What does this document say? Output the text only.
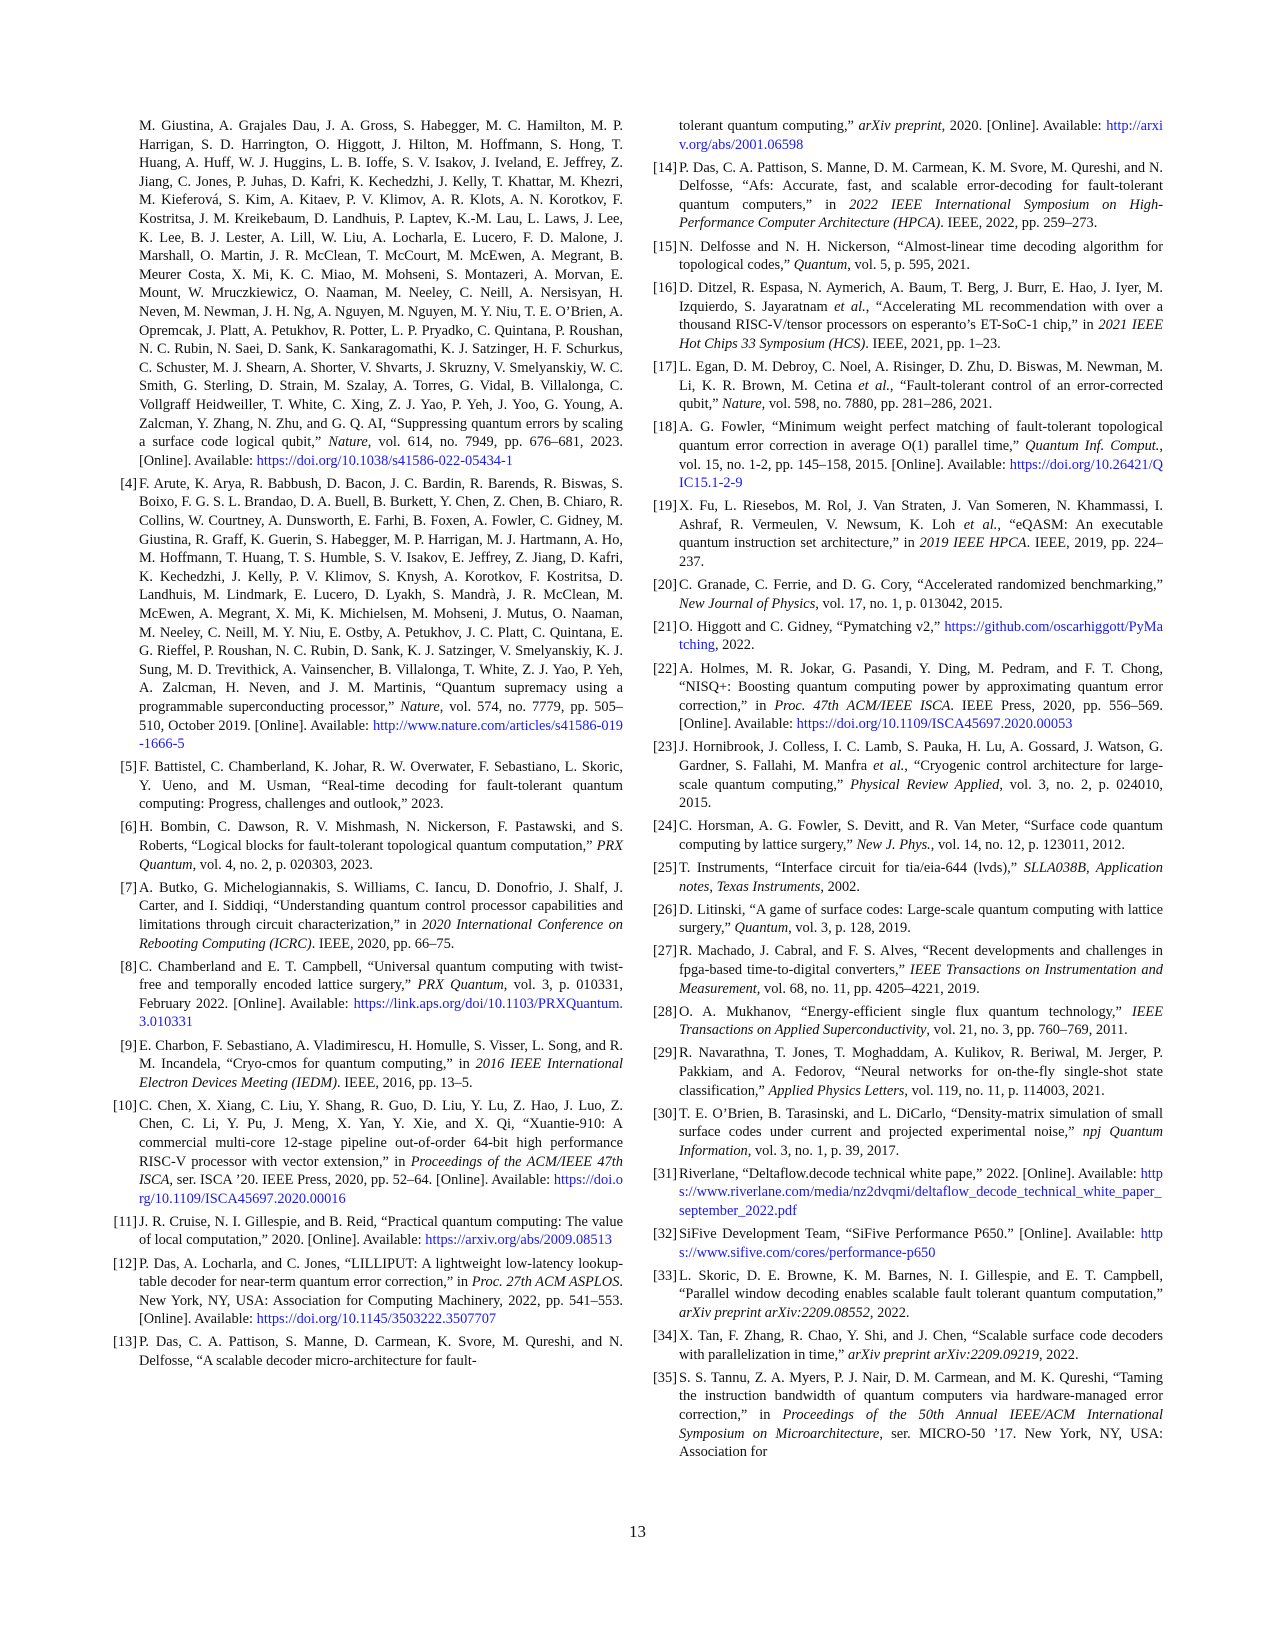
M. Giustina, A. Grajales Dau, J. A. Gross, S. Habegger, M. C. Hamilton, M. P. Harrigan, S. D. Harrington, O. Higgott, J. Hilton, M. Hoffmann, S. Hong, T. Huang, A. Huff, W. J. Huggins, L. B. Ioffe, S. V. Isakov, J. Iveland, E. Jeffrey, Z. Jiang, C. Jones, P. Juhas, D. Kafri, K. Kechedzhi, J. Kelly, T. Khattar, M. Khezri, M. Kieferová, S. Kim, A. Kitaev, P. V. Klimov, A. R. Klots, A. N. Korotkov, F. Kostritsa, J. M. Kreikebaum, D. Landhuis, P. Laptev, K.-M. Lau, L. Laws, J. Lee, K. Lee, B. J. Lester, A. Lill, W. Liu, A. Locharla, E. Lucero, F. D. Malone, J. Marshall, O. Martin, J. R. McClean, T. McCourt, M. McEwen, A. Megrant, B. Meurer Costa, X. Mi, K. C. Miao, M. Mohseni, S. Montazeri, A. Morvan, E. Mount, W. Mruczkiewicz, O. Naaman, M. Neeley, C. Neill, A. Nersisyan, H. Neven, M. Newman, J. H. Ng, A. Nguyen, M. Nguyen, M. Y. Niu, T. E. O’Brien, A. Opremcak, J. Platt, A. Petukhov, R. Potter, L. P. Pryadko, C. Quintana, P. Roushan, N. C. Rubin, N. Saei, D. Sank, K. Sankaragomathi, K. J. Satzinger, H. F. Schurkus, C. Schuster, M. J. Shearn, A. Shorter, V. Shvarts, J. Skruzny, V. Smelyanskiy, W. C. Smith, G. Sterling, D. Strain, M. Szalay, A. Torres, G. Vidal, B. Villalonga, C. Vollgraff Heidweiller, T. White, C. Xing, Z. J. Yao, P. Yeh, J. Yoo, G. Young, A. Zalcman, Y. Zhang, N. Zhu, and G. Q. AI, “Suppressing quantum errors by scaling a surface code logical qubit,” Nature, vol. 614, no. 7949, pp. 676–681, 2023. [Online]. Available: https://doi.org/10.1038/s41586-022-05434-1
[4] F. Arute, K. Arya, R. Babbush, D. Bacon, J. C. Bardin, R. Barends, R. Biswas, S. Boixo, F. G. S. L. Brandao, D. A. Buell, B. Burkett, Y. Chen, Z. Chen, B. Chiaro, R. Collins, W. Courtney, A. Dunsworth, E. Farhi, B. Foxen, A. Fowler, C. Gidney, M. Giustina, R. Graff, K. Guerin, S. Habegger, M. P. Harrigan, M. J. Hartmann, A. Ho, M. Hoffmann, T. Huang, T. S. Humble, S. V. Isakov, E. Jeffrey, Z. Jiang, D. Kafri, K. Kechedzhi, J. Kelly, P. V. Klimov, S. Knysh, A. Korotkov, F. Kostritsa, D. Landhuis, M. Lindmark, E. Lucero, D. Lyakh, S. Mandrà, J. R. McClean, M. McEwen, A. Megrant, X. Mi, K. Michielsen, M. Mohseni, J. Mutus, O. Naaman, M. Neeley, C. Neill, M. Y. Niu, E. Ostby, A. Petukhov, J. C. Platt, C. Quintana, E. G. Rieffel, P. Roushan, N. C. Rubin, D. Sank, K. J. Satzinger, V. Smelyanskiy, K. J. Sung, M. D. Trevithick, A. Vainsencher, B. Villalonga, T. White, Z. J. Yao, P. Yeh, A. Zalcman, H. Neven, and J. M. Martinis, “Quantum supremacy using a programmable superconducting processor,” Nature, vol. 574, no. 7779, pp. 505–510, October 2019. [Online]. Available: http://www.nature.com/articles/s41586-019-1666-5
[5] F. Battistel, C. Chamberland, K. Johar, R. W. Overwater, F. Sebastiano, L. Skoric, Y. Ueno, and M. Usman, “Real-time decoding for fault-tolerant quantum computing: Progress, challenges and outlook,” 2023.
[6] H. Bombin, C. Dawson, R. V. Mishmash, N. Nickerson, F. Pastawski, and S. Roberts, “Logical blocks for fault-tolerant topological quantum computation,” PRX Quantum, vol. 4, no. 2, p. 020303, 2023.
[7] A. Butko, G. Michelogiannakis, S. Williams, C. Iancu, D. Donofrio, J. Shalf, J. Carter, and I. Siddiqi, “Understanding quantum control processor capabilities and limitations through circuit characterization,” in 2020 International Conference on Rebooting Computing (ICRC). IEEE, 2020, pp. 66–75.
[8] C. Chamberland and E. T. Campbell, “Universal quantum computing with twist-free and temporally encoded lattice surgery,” PRX Quantum, vol. 3, p. 010331, February 2022. [Online]. Available: https://link.aps.org/doi/10.1103/PRXQuantum.3.010331
[9] E. Charbon, F. Sebastiano, A. Vladimirescu, H. Homulle, S. Visser, L. Song, and R. M. Incandela, “Cryo-cmos for quantum computing,” in 2016 IEEE International Electron Devices Meeting (IEDM). IEEE, 2016, pp. 13–5.
[10] C. Chen, X. Xiang, C. Liu, Y. Shang, R. Guo, D. Liu, Y. Lu, Z. Hao, J. Luo, Z. Chen, C. Li, Y. Pu, J. Meng, X. Yan, Y. Xie, and X. Qi, “Xuantie-910: A commercial multi-core 12-stage pipeline out-of-order 64-bit high performance RISC-V processor with vector extension,” in Proceedings of the ACM/IEEE 47th ISCA, ser. ISCA ’20. IEEE Press, 2020, pp. 52–64. [Online]. Available: https://doi.org/10.1109/ISCA45697.2020.00016
[11] J. R. Cruise, N. I. Gillespie, and B. Reid, “Practical quantum computing: The value of local computation,” 2020. [Online]. Available: https://arxiv.org/abs/2009.08513
[12] P. Das, A. Locharla, and C. Jones, “LILLIPUT: A lightweight low-latency lookup-table decoder for near-term quantum error correction,” in Proc. 27th ACM ASPLOS. New York, NY, USA: Association for Computing Machinery, 2022, pp. 541–553. [Online]. Available: https://doi.org/10.1145/3503222.3507707
[13] P. Das, C. A. Pattison, S. Manne, D. Carmean, K. Svore, M. Qureshi, and N. Delfosse, “A scalable decoder micro-architecture for fault-
tolerant quantum computing,” arXiv preprint, 2020. [Online]. Available: http://arxiv.org/abs/2001.06598
[14] P. Das, C. A. Pattison, S. Manne, D. M. Carmean, K. M. Svore, M. Qureshi, and N. Delfosse, “Afs: Accurate, fast, and scalable error-decoding for fault-tolerant quantum computers,” in 2022 IEEE International Symposium on High-Performance Computer Architecture (HPCA). IEEE, 2022, pp. 259–273.
[15] N. Delfosse and N. H. Nickerson, “Almost-linear time decoding algorithm for topological codes,” Quantum, vol. 5, p. 595, 2021.
[16] D. Ditzel, R. Espasa, N. Aymerich, A. Baum, T. Berg, J. Burr, E. Hao, J. Iyer, M. Izquierdo, S. Jayaratnam et al., “Accelerating ML recommendation with over a thousand RISC-V/tensor processors on esperanto’s ET-SoC-1 chip,” in 2021 IEEE Hot Chips 33 Symposium (HCS). IEEE, 2021, pp. 1–23.
[17] L. Egan, D. M. Debroy, C. Noel, A. Risinger, D. Zhu, D. Biswas, M. Newman, M. Li, K. R. Brown, M. Cetina et al., “Fault-tolerant control of an error-corrected qubit,” Nature, vol. 598, no. 7880, pp. 281–286, 2021.
[18] A. G. Fowler, “Minimum weight perfect matching of fault-tolerant topological quantum error correction in average O(1) parallel time,” Quantum Inf. Comput., vol. 15, no. 1-2, pp. 145–158, 2015. [Online]. Available: https://doi.org/10.26421/QIC15.1-2-9
[19] X. Fu, L. Riesebos, M. Rol, J. Van Straten, J. Van Someren, N. Khammassi, I. Ashraf, R. Vermeulen, V. Newsum, K. Loh et al., “eQASM: An executable quantum instruction set architecture,” in 2019 IEEE HPCA. IEEE, 2019, pp. 224–237.
[20] C. Granade, C. Ferrie, and D. G. Cory, “Accelerated randomized benchmarking,” New Journal of Physics, vol. 17, no. 1, p. 013042, 2015.
[21] O. Higgott and C. Gidney, “Pymatching v2,” https://github.com/oscarhiggott/PyMatching, 2022.
[22] A. Holmes, M. R. Jokar, G. Pasandi, Y. Ding, M. Pedram, and F. T. Chong, “NISQ+: Boosting quantum computing power by approximating quantum error correction,” in Proc. 47th ACM/IEEE ISCA. IEEE Press, 2020, pp. 556–569. [Online]. Available: https://doi.org/10.1109/ISCA45697.2020.00053
[23] J. Hornibrook, J. Colless, I. C. Lamb, S. Pauka, H. Lu, A. Gossard, J. Watson, G. Gardner, S. Fallahi, M. Manfra et al., “Cryogenic control architecture for large-scale quantum computing,” Physical Review Applied, vol. 3, no. 2, p. 024010, 2015.
[24] C. Horsman, A. G. Fowler, S. Devitt, and R. Van Meter, “Surface code quantum computing by lattice surgery,” New J. Phys., vol. 14, no. 12, p. 123011, 2012.
[25] T. Instruments, “Interface circuit for tia/eia-644 (lvds),” SLLA038B, Application notes, Texas Instruments, 2002.
[26] D. Litinski, “A game of surface codes: Large-scale quantum computing with lattice surgery,” Quantum, vol. 3, p. 128, 2019.
[27] R. Machado, J. Cabral, and F. S. Alves, “Recent developments and challenges in fpga-based time-to-digital converters,” IEEE Transactions on Instrumentation and Measurement, vol. 68, no. 11, pp. 4205–4221, 2019.
[28] O. A. Mukhanov, “Energy-efficient single flux quantum technology,” IEEE Transactions on Applied Superconductivity, vol. 21, no. 3, pp. 760–769, 2011.
[29] R. Navarathna, T. Jones, T. Moghaddam, A. Kulikov, R. Beriwal, M. Jerger, P. Pakkiam, and A. Fedorov, “Neural networks for on-the-fly single-shot state classification,” Applied Physics Letters, vol. 119, no. 11, p. 114003, 2021.
[30] T. E. O’Brien, B. Tarasinski, and L. DiCarlo, “Density-matrix simulation of small surface codes under current and projected experimental noise,” npj Quantum Information, vol. 3, no. 1, p. 39, 2017.
[31] Riverlane, “Deltaflow.decode technical white pape,” 2022. [Online]. Available: https://www.riverlane.com/media/nz2dvqmi/deltaflow_decode_technical_white_paper_september_2022.pdf
[32] SiFive Development Team, “SiFive Performance P650.” [Online]. Available: https://www.sifive.com/cores/performance-p650
[33] L. Skoric, D. E. Browne, K. M. Barnes, N. I. Gillespie, and E. T. Campbell, “Parallel window decoding enables scalable fault tolerant quantum computation,” arXiv preprint arXiv:2209.08552, 2022.
[34] X. Tan, F. Zhang, R. Chao, Y. Shi, and J. Chen, “Scalable surface code decoders with parallelization in time,” arXiv preprint arXiv:2209.09219, 2022.
[35] S. S. Tannu, Z. A. Myers, P. J. Nair, D. M. Carmean, and M. K. Qureshi, “Taming the instruction bandwidth of quantum computers via hardware-managed error correction,” in Proceedings of the 50th Annual IEEE/ACM International Symposium on Microarchitecture, ser. MICRO-50 ’17. New York, NY, USA: Association for
13
